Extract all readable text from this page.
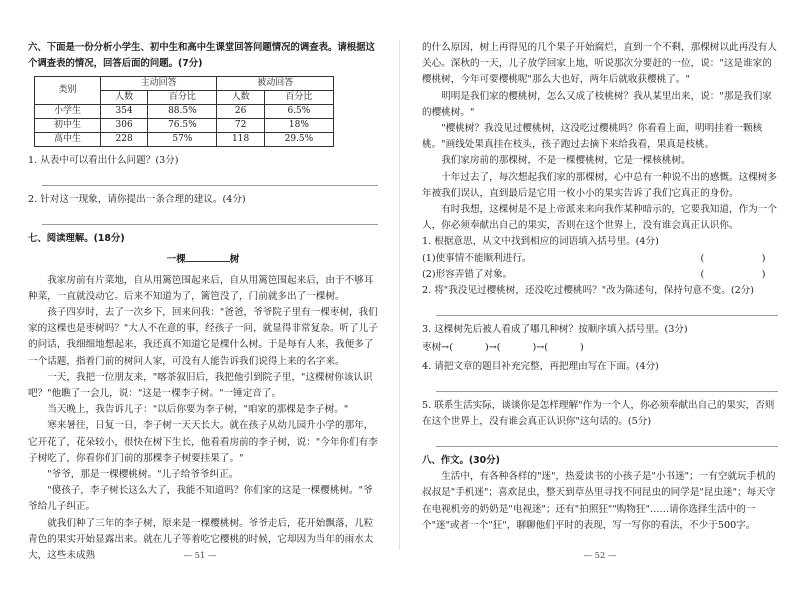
六、下面是一份分析小学生、初中生和高中生课堂回答问题情况的调查表。请根据这个调查表的情况，回答后面的问题。(7分)

类别	主动回答		被动回答	
	人数	百分比	人数	百分比
小学生	354	88.5%	26	6.5%
初中生	306	76.5%	72	18%
高中生	228	57%	118	29.5%

1. 从表中可以看出什么问题？(3分)

2. 针对这一现象，请你提出一条合理的建议。(4分)

七、阅读理解。(18分)

一棵	树

我家房前有片菜地，自从用篱笆围起来后，自从用篱笆围起来后，由于不够耳种菜，一直就没动它。后来不知道为了，篱笆没了，门前就多出了一棵树。

孩子四岁时，去了一次乡下，回来问我："爸爸，爷爷院子里有一棵枣树，我们家的这棵也是枣树吗？"大人不在意的事，经孩子一问，就显得非常复杂。听了儿子的问话，我细细地想起来，我还真不知道它是棵什么树。于是每有人来，我便多了一个话题，指着门前的树问人家，可没有人能告诉我们说得上来的名字来。

一天，我把一位朋友来，"喀茶叙旧后，我把他引到院子里，"这棵树你该认识吧？"他瞧了一会儿，说："这是一棵李子树。"一锤定音了。

当天晚上，我告诉儿子："以后你要为李子树，"咱家的那棵是李子树。"

寒来暑往，日复一日，李子树一天天长大。就在孩子从幼儿园升小学的那年，它开花了，花朵较小，很快在树下生长，他看看房前的李子树，说："今年你们有李子树吃了，你看你们门前的那棵李子树要挂果了。"

"爷爷，那是一棵樱桃树。"儿子给爷爷纠正。

"傻孩子，李子树长这么大了，我能不知道吗？你们家的这是一棵樱桃树。"爷爷给儿子纠正。

就我们种了三年的李子树，原来是一棵樱桃树。爷爷走后，花开始飘落，儿粒青色的果实开始显露出来。就在儿子等着吃它樱桃的时候，它却因为当年的雨水太大，这些未成熟	— 51 —

的什么原因，树上再得见的几个果子开始腐烂，直到一个不剩，那棵树以此再没有人关心。深秋的一天，儿子放学回家上地，听说那次分要赶的一位，说："这是谁家的樱桃树，今年可要樱桃呢"那么大也好，两年后就收获樱桃了。"

明明是我们家的樱桃树，怎么又成了枝桃树？我从某里出来，说："那是我们家的樱桃树。"

"樱桃树？我没见过樱桃树，这没吃过樱桃吗？你看看上面，明明挂着一颗核桃。"画线处果真挂在枝头，孩子跑过去摘下来给我看，果真是枝桃。

我们家房前的那棵树，不是一棵樱桃树，它是一棵核桃树。

十年过去了，每次想起我们家的那棵树，心中总有一种说不出的感慨。这棵树多年被我们误认，直到最后是它用一枚小小的果实告诉了我们它真正的身份。

有时我想，这棵树是不是上帝派来来向我作某种暗示的，它要我知道，作为一个人，你必须奉献出自己的果实，否则在这个世界上，没有谁会真正认识你。

1. 根据意思，从文中找到相应的词语填入括号里。(4分)

(1)使事情不能顺利进行。	(　　　　　　)
(2)形容弄错了对象。	(　　　　　　)

2. 将"我没见过樱桃树，还没吃过樱桃吗？"改为陈述句，保持句意不变。(2分)

3. 这棵树先后被人看成了哪几种树？按顺序填入括号里。(3分)

枣树→(	)→(	)→(	)

4. 请把文章的题目补充完整，再把理由写在下面。(4分)

5. 联系生活实际，谈谈你是怎样理解"作为一个人，你必须奉献出自己的果实，否则在这个世界上，没有谁会真正认识你"这句话的。(5分)

八、作文。(30分)

生活中，有各种各样的"迷"，热爱读书的小孩子是"小书迷"；一有空就玩手机的叔叔是"手机迷"；喜欢昆虫，整天到草丛里寻找不同昆虫的同学是"昆虫迷"；每天守在电视机旁的奶奶是"电视迷"；还有"拍照狂""购物狂"……请你选择生活中的一个"迷"或者一个"狂"，聊聊他们平时的表现，写一写你的看法，不少于500字。

— 52 —
